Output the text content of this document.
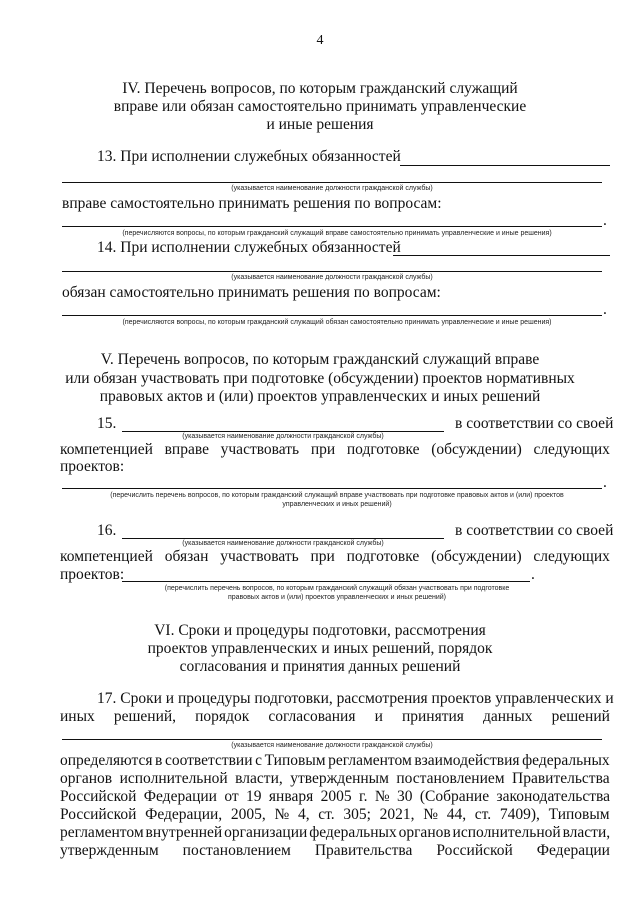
4
IV. Перечень вопросов, по которым гражданский служащий
вправе или обязан самостоятельно принимать управленческие
и иные решения
13. При исполнении служебных обязанностей
(указывается наименование должности гражданской службы)
вправе самостоятельно принимать решения по вопросам:
.
(перечисляются вопросы, по которым гражданский служащий вправе самостоятельно принимать управленческие и иные решения)
14. При исполнении служебных обязанностей
(указывается наименование должности гражданской службы)
обязан самостоятельно принимать решения по вопросам:
.
(перечисляются вопросы, по которым гражданский служащий обязан самостоятельно принимать управленческие и иные решения)
V. Перечень вопросов, по которым гражданский служащий вправе
или обязан участвовать при подготовке (обсуждении) проектов нормативных
правовых актов и (или) проектов управленческих и иных решений
15.	в соответствии со своей
(указывается наименование должности гражданской службы)
компетенцией вправе участвовать при подготовке (обсуждении) следующих
проектов:
.
(перечислить перечень вопросов, по которым гражданский служащий вправе участвовать при подготовке правовых актов и (или) проектов
управленческих и иных решений)
16.	в соответствии со своей
(указывается наименование должности гражданской службы)
компетенцией обязан участвовать при подготовке (обсуждении) следующих
проектов:	.
(перечислить перечень вопросов, по которым гражданский служащий обязан участвовать при подготовке
правовых актов и (или) проектов управленческих и иных решений)
VI. Сроки и процедуры подготовки, рассмотрения
проектов управленческих и иных решений, порядок
согласования и принятия данных решений
17. Сроки и процедуры подготовки, рассмотрения проектов управленческих и
иных решений, порядок согласования и принятия данных решений
(указывается наименование должности гражданской службы)
определяются в соответствии с Типовым регламентом взаимодействия федеральных
органов исполнительной власти, утвержденным постановлением Правительства
Российской Федерации от 19 января 2005 г. № 30 (Собрание законодательства
Российской Федерации, 2005, № 4, ст. 305; 2021, № 44, ст. 7409), Типовым
регламентом внутренней организации федеральных органов исполнительной власти,
утвержденным постановлением Правительства Российской Федерации
